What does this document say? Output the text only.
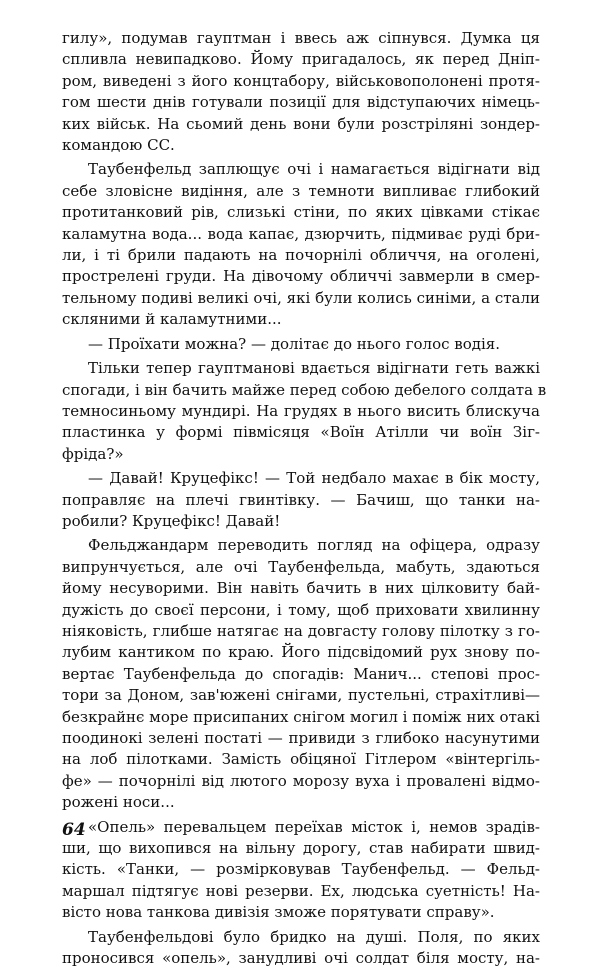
гилу», подумав гауптман і ввесь аж сіпнувся. Думка ця
спливла невипадково. Йому пригадалось, як перед Дніп-
ром, виведені з його концтабору, військовополонені протя-
гом шести днів готували позиції для відступаючих німець-
ких військ. На сьомий день вони були розстріляні зондер-
командою СС.
Таубенфельд заплющує очі і намагається відігнати від
себе зловісне видіння, але з темноти випливає глибокий
протитанковий рів, слизькі стіни, по яких цівками стікає
каламутна вода... вода капає, дзюрчить, підмиває руді бри-
ли, і ті брили падають на почорнілі обличчя, на оголені,
прострелені груди. На дівочому обличчі завмерли в смер-
тельному подиві великі очі, які були колись синіми, а стали
скляними й каламутними...
— Проїхати можна? — долітає до нього голос водія.
Тільки тепер гауптманові вдається відігнати геть важкі
спогади, і він бачить майже перед собою дебелого солдата в
темносиньому мундирі. На грудях в нього висить блискуча
пластинка у формі півмісяця «Воїн Атілли чи воїн Зіг-
фріда?»
— Давай! Круцефікс! — Той недбало махає в бік мосту,
поправляє на плечі гвинтівку. — Бачиш, що танки на-
робили? Круцефікс! Давай!
Фельджандарм переводить погляд на офіцера, одразу
випрунчується, але очі Таубенфельда, мабуть, здаються
йому несуворими. Він навіть бачить в них цілковиту бай-
дужість до своєї персони, і тому, щоб приховати хвилинну
ніяковість, глибше натягає на довгасту голову пілотку з го-
лубим кантиком по краю. Його підсвідомий рух знову по-
вертає Таубенфельда до спогадів: Манич... степові прос-
тори за Доном, зав'южені снігами, пустельні, страхітливі—
безкрайнє море присипаних снігом могил і поміж них отакі
поодинокі зелені постаті — привиди з глибоко насунутими
на лоб пілотками. Замість обіцяної Гітлером «вінтергіль-
фе» — почорнілі від лютого морозу вуха і провалені відмо-
рожені носи...
«Опель» перевальцем переїхав місток і, немов зрадів-
ши, що вихопився на вільну дорогу, став набирати швид-
кість. «Танки, — розмірковував Таубенфельд. — Фельд-
маршал підтягує нові резерви. Ех, людська суетність! На-
вісто нова танкова дивізія зможе порятувати справу».
Таубенфельдові було бридко на душі. Поля, по яких
проносився «опель», занудливі очі солдат біля мосту, на-
64
